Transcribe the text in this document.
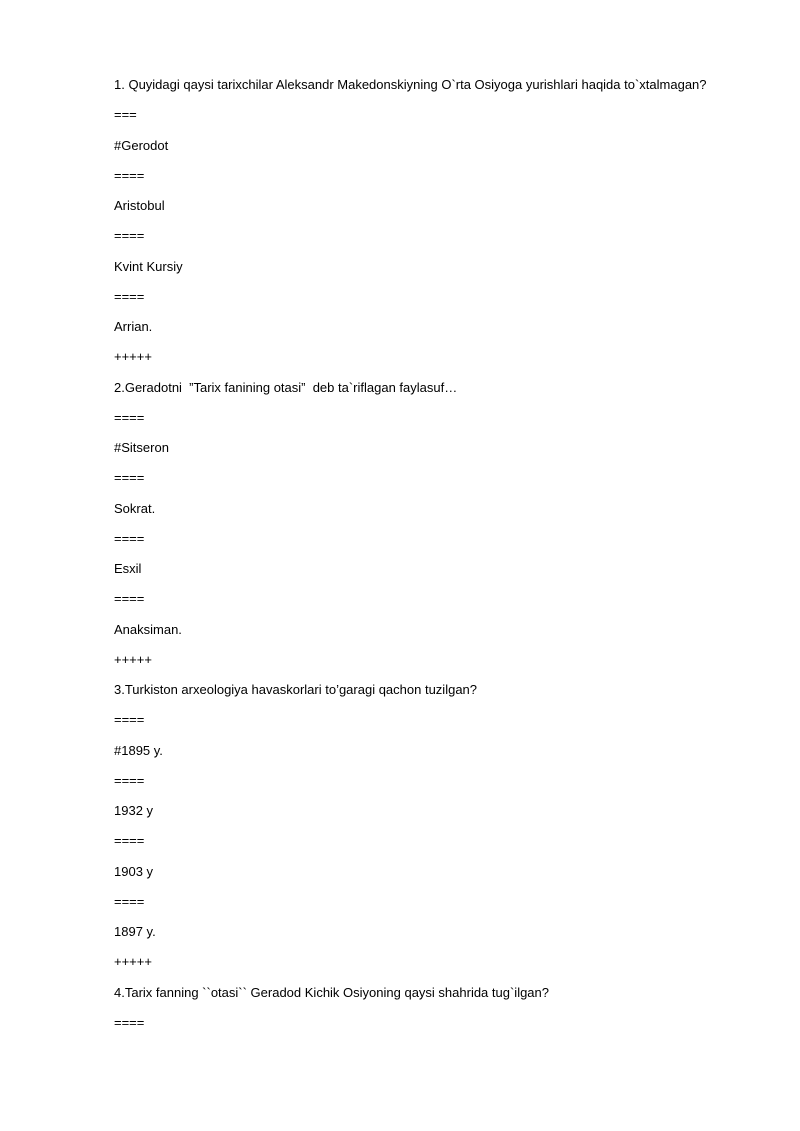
1. Quyidagi qaysi tarixchilar Aleksandr Makedonskiyning O`rta Osiyoga yurishlari haqida to`xtalmagan?

===

#Gerodot

====

Aristobul

====

Kvint Kursiy

====

Arrian.

+++++

2.Geradotni  ”Tarix fanining otasi”  deb ta`riflagan faylasuf…

====

#Sitseron

====

Sokrat.

====

Esxil

====

Anaksiman.

+++++

3.Turkiston arxeologiya havaskorlari to’garagi qachon tuzilgan?

====

#1895 y.

====

1932 y

====

1903 y

====

1897 y.

+++++

4.Tarix fanning ``otasi`` Geradod Kichik Osiyoning qaysi shahrida tug`ilgan?

====
